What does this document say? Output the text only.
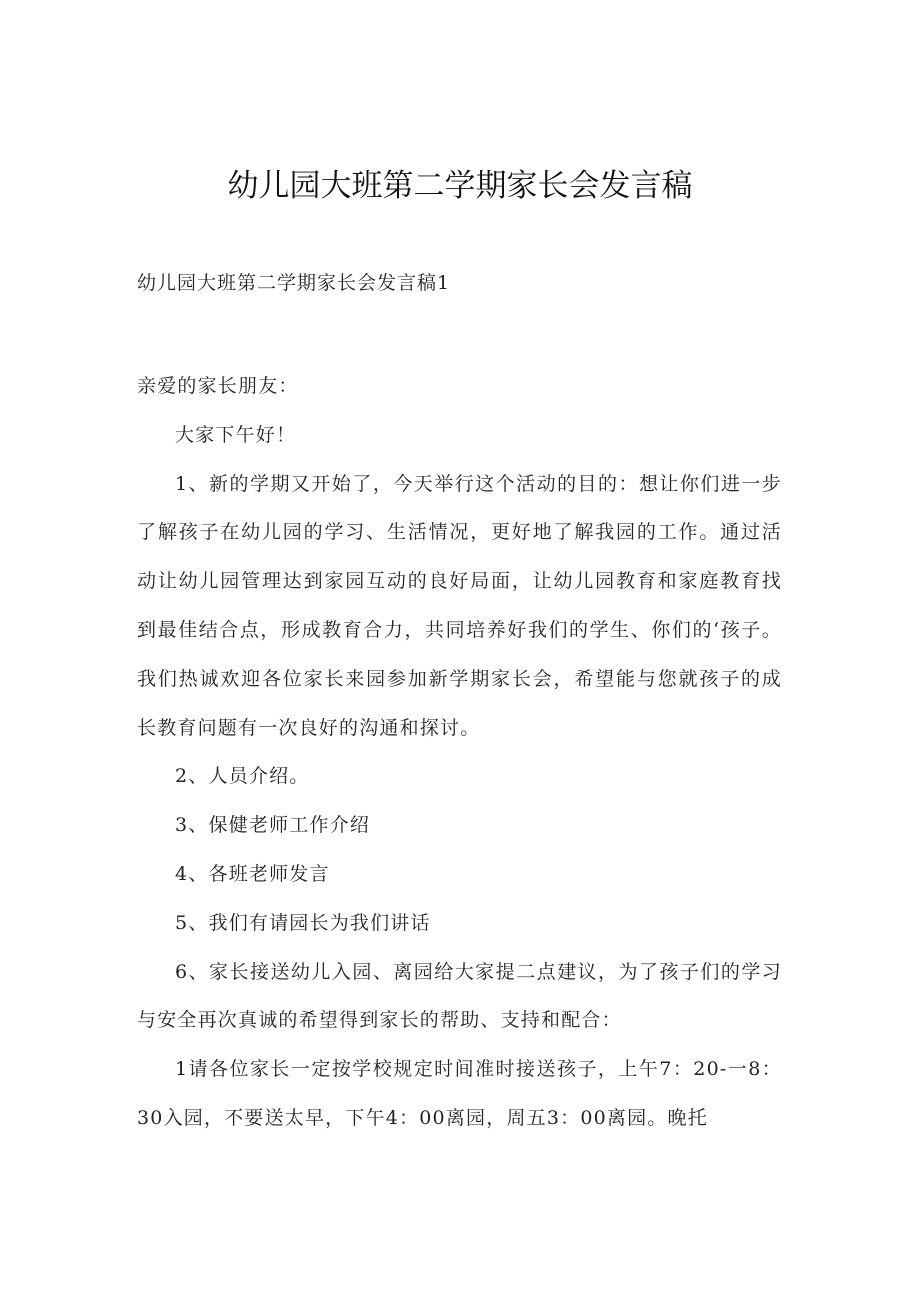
幼儿园大班第二学期家长会发言稿
幼儿园大班第二学期家长会发言稿1

亲爱的家长朋友：

大家下午好！

1、新的学期又开始了，今天举行这个活动的目的：想让你们进一步了解孩子在幼儿园的学习、生活情况，更好地了解我园的工作。通过活动让幼儿园管理达到家园互动的良好局面，让幼儿园教育和家庭教育找到最佳结合点，形成教育合力，共同培养好我们的学生、你们的‘孩子。我们热诚欢迎各位家长来园参加新学期家长会，希望能与您就孩子的成长教育问题有一次良好的沟通和探讨。

2、人员介绍。

3、保健老师工作介绍

4、各班老师发言

5、我们有请园长为我们讲话

6、家长接送幼儿入园、离园给大家提二点建议，为了孩子们的学习与安全再次真诚的希望得到家长的帮助、支持和配合：

1请各位家长一定按学校规定时间准时接送孩子，上午7：20-一8：30入园，不要送太早，下午4：00离园，周五3：00离园。晚托
